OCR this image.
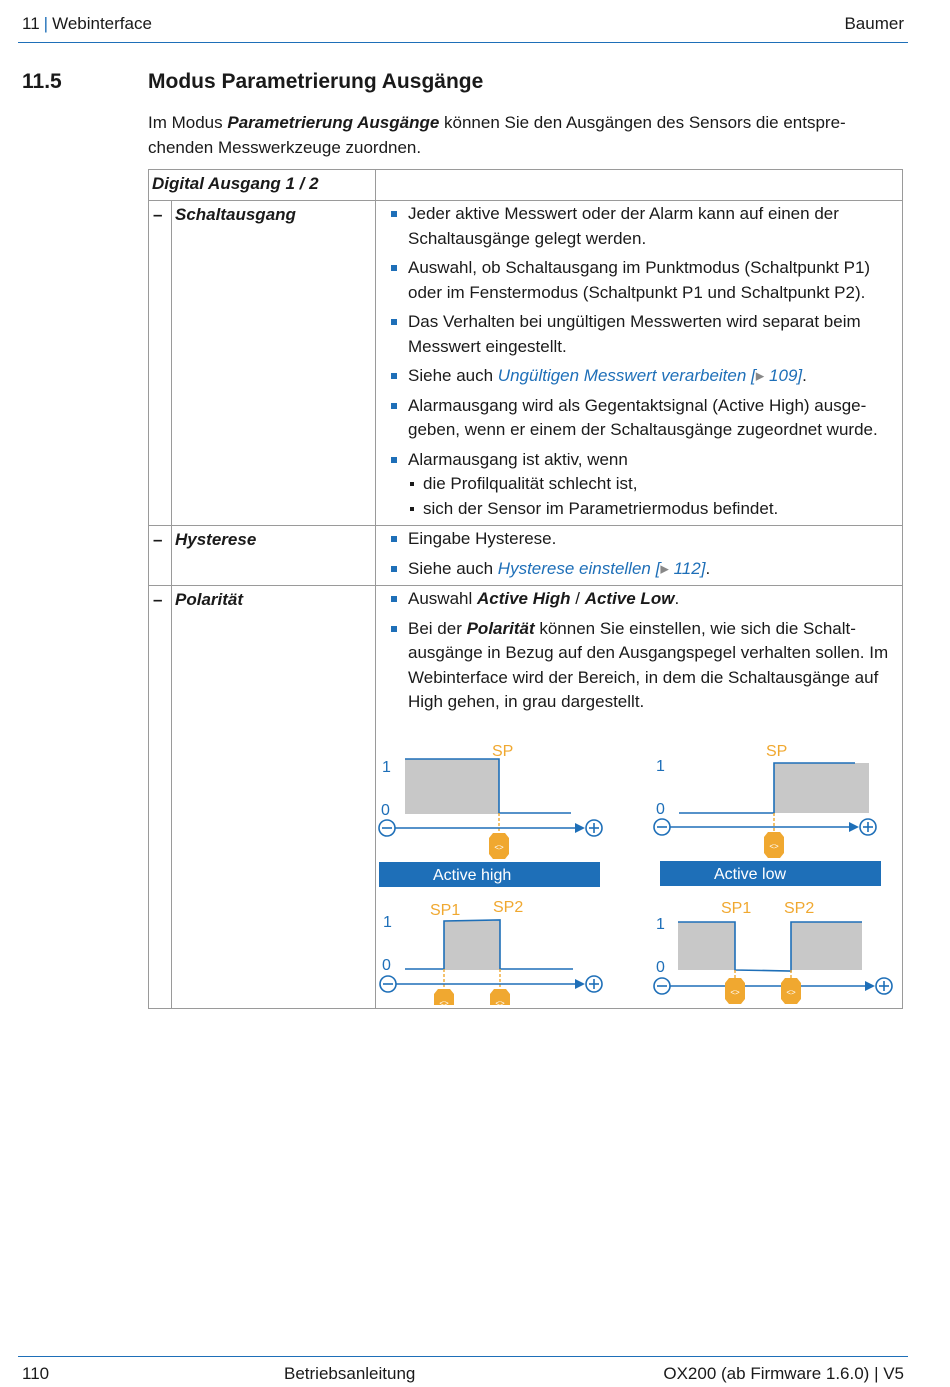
11 | Webinterface	Baumer
11.5	Modus Parametrierung Ausgänge
Im Modus Parametrierung Ausgänge können Sie den Ausgängen des Sensors die entspre-
chenden Messwerkzeuge zuordnen.
Digital Ausgang 1 / 2
– Schaltausgang	Jeder aktive Messwert oder der Alarm kann auf einen der Schaltausgänge gelegt werden.
Auswahl, ob Schaltausgang im Punktmodus (Schaltpunkt P1) oder im Fenstermodus (Schaltpunkt P1 und Schaltpunkt P2).
Das Verhalten bei ungültigen Messwerten wird separat beim Messwert eingestellt.
Siehe auch Ungültigen Messwert verarbeiten [▸ 109].
Alarmausgang wird als Gegentaktsignal (Active High) ausge- geben, wenn er einem der Schaltausgänge zugeordnet wurde.
Alarmausgang ist aktiv, wenn
die Profilqualität schlecht ist,
sich der Sensor im Parametriermodus befindet.
– Hysterese	Eingabe Hysterese.
Siehe auch Hysterese einstellen [▸ 112].
– Polarität	Auswahl Active High / Active Low.
Bei der Polarität können Sie einstellen, wie sich die Schalt- ausgänge in Bezug auf den Ausgangspegel verhalten sollen. Im Webinterface wird der Bereich, in dem die Schaltausgänge auf High gehen, in grau dargestellt.
1
0
SP
<>
Active high
1
0
SP
<>
Active low
1
0
SP1 SP2
<>	<>
1
0
SP1 SP2
<>	<>
110	Betriebsanleitung	OX200 (ab Firmware 1.6.0) | V5
